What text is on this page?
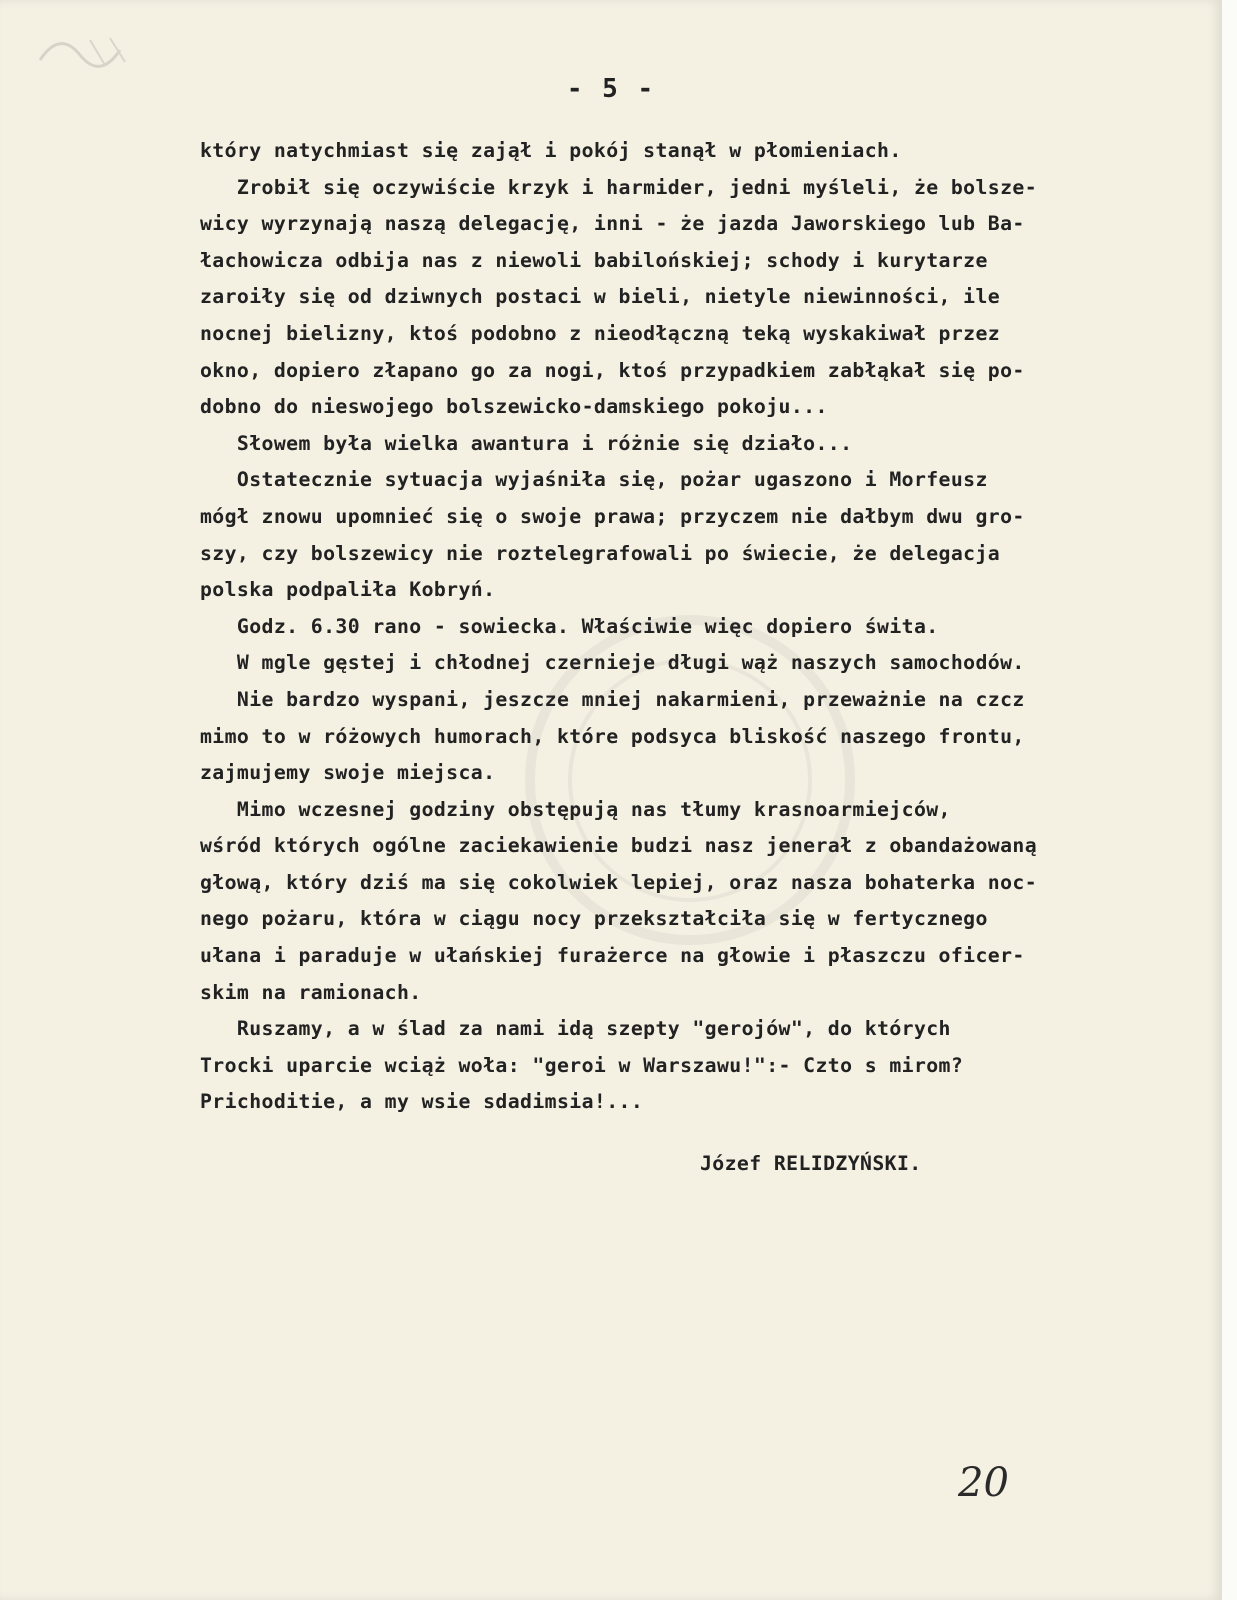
- 5 -
który natychmiast się zajął i pokój stanął w płomieniach.
Zrobił się oczywiście krzyk i harmider, jedni myśleli, że bolsze-
wicy wyrzynają naszą delegację, inni - że jazda Jaworskiego lub Ba-
łachowicza odbija nas z niewoli babilońskiej; schody i kurytarze
zaroiły się od dziwnych postaci w bieli, nietyle niewinności, ile
nocnej bielizny, ktoś podobno z nieodłączną teką wyskakiwał przez
okno, dopiero złapano go za nogi, ktoś przypadkiem zabłąkał się po-
dobno do nieswojego bolszewicko-damskiego pokoju...
Słowem była wielka awantura i różnie się działo...
Ostatecznie sytuacja wyjaśniła się, pożar ugaszono i Morfeusz
mógł znowu upomnieć się o swoje prawa; przyczem nie dałbym dwu gro-
szy, czy bolszewicy nie roztelegrafowali po świecie, że delegacja
polska podpaliła Kobryń.
Godz. 6.30 rano - sowiecka. Właściwie więc dopiero świta.
W mgle gęstej i chłodnej czernieje długi wąż naszych samochodów.
Nie bardzo wyspani, jeszcze mniej nakarmieni, przeważnie na czcz
mimo to w różowych humorach, które podsyca bliskość naszego frontu,
zajmujemy swoje miejsca.
Mimo wczesnej godziny obstępują nas tłumy krasnoarmiejców,
wśród których ogólne zaciekawienie budzi nasz jenerał z obandażowaną
głową, który dziś ma się cokolwiek lepiej, oraz nasza bohaterka noc-
nego pożaru, która w ciągu nocy przekształciła się w fertycznego
ułana i paraduje w ułańskiej furażerce na głowie i płaszczu oficer-
skim na ramionach.
Ruszamy, a w ślad za nami idą szepty "gerojów", do których
Trocki uparcie wciąż woła: "geroi w Warszawu!":- Czto s mirom?
Prichoditie, a my wsie sdadimsia!...
Józef RELIDZYŃSKI.
20
